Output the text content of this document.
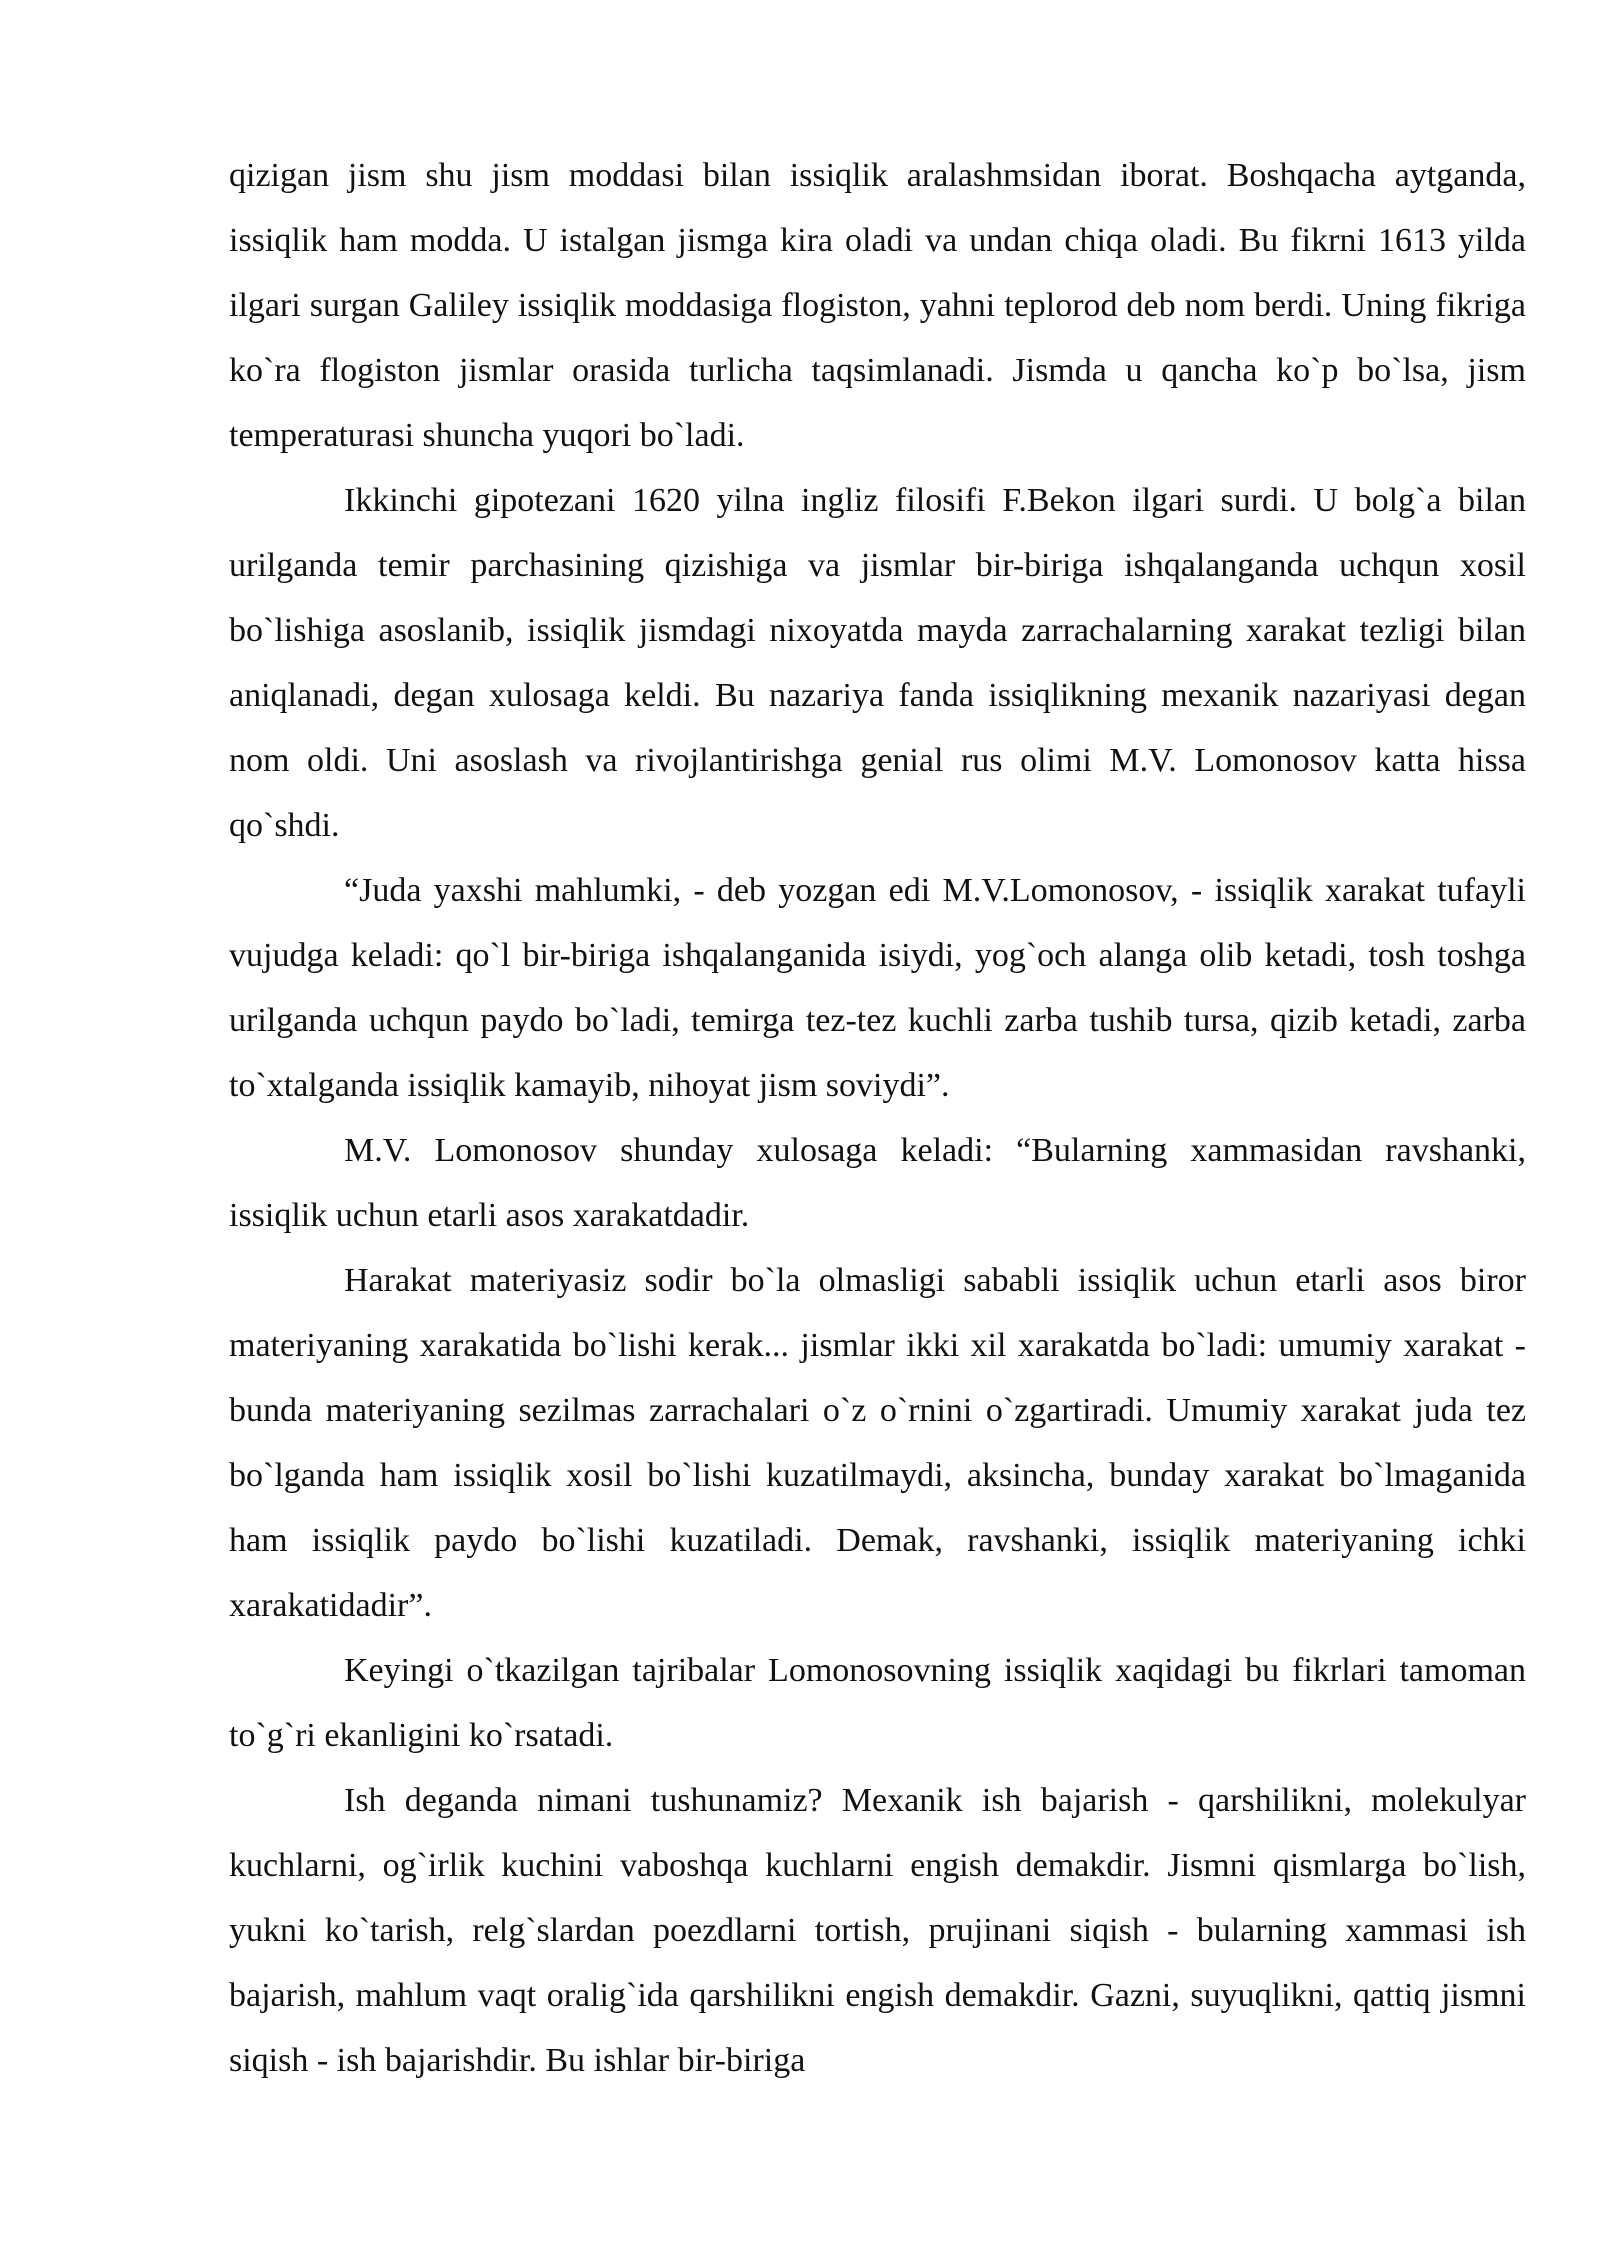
qizigan jism shu jism moddasi bilan issiqlik aralashmsidan iborat. Boshqacha aytganda, issiqlik ham modda. U istalgan jismga kira oladi va undan chiqa oladi. Bu fikrni 1613 yilda ilgari surgan Galiley issiqlik moddasiga flogiston, yahni teplorod deb nom berdi. Uning fikriga ko`ra flogiston jismlar orasida turlicha taqsimlanadi. Jismda u qancha ko`p bo`lsa, jism temperaturasi shuncha yuqori bo`ladi.

Ikkinchi gipotezani 1620 yilna ingliz filosifi F.Bekon ilgari surdi. U bolg`a bilan urilganda temir parchasining qizishiga va jismlar bir-biriga ishqalanganda uchqun xosil bo`lishiga asoslanib, issiqlik jismdagi nixoyatda mayda zarrachalarning xarakat tezligi bilan aniqlanadi, degan xulosaga keldi. Bu nazariya fanda issiqlikning mexanik nazariyasi degan nom oldi. Uni asoslash va rivojlantirishga genial rus olimi M.V. Lomonosov katta hissa qo`shdi.

“Juda yaxshi mahlumki, - deb yozgan edi M.V.Lomonosov, - issiqlik xarakat tufayli vujudga keladi: qo`l bir-biriga ishqalanganida isiydi, yog`och alanga olib ketadi, tosh toshga urilganda uchqun paydo bo`ladi, temirga tez-tez kuchli zarba tushib tursa, qizib ketadi, zarba to`xtalganda issiqlik kamayib, nihoyat jism soviydi”.

M.V. Lomonosov shunday xulosaga keladi: “Bularning xammasidan ravshanki, issiqlik uchun etarli asos xarakatdadir.

Harakat materiyasiz sodir bo`la olmasligi sababli issiqlik uchun etarli asos biror materiyaning xarakatida bo`lishi kerak... jismlar ikki xil xarakatda bo`ladi: umumiy xarakat - bunda materiyaning sezilmas zarrachalari o`z o`rnini o`zgartiradi. Umumiy xarakat juda tez bo`lganda ham issiqlik xosil bo`lishi kuzatilmaydi, aksincha, bunday xarakat bo`lmaganida ham issiqlik paydo bo`lishi kuzatiladi. Demak, ravshanki, issiqlik materiyaning ichki xarakatidadir”.

Keyingi o`tkazilgan tajribalar Lomonosovning issiqlik xaqidagi bu fikrlari tamoman to`g`ri ekanligini ko`rsatadi.

Ish deganda nimani tushunamiz? Mexanik ish bajarish - qarshilikni, molekulyar kuchlarni, og`irlik kuchini vaboshqa kuchlarni engish demakdir. Jismni qismlarga bo`lish, yukni ko`tarish, relg`slardan poezdlarni tortish, prujinani siqish - bularning xammasi ish bajarish, mahlum vaqt oralig`ida qarshilikni engish demakdir. Gazni, suyuqlikni, qattiq jismni siqish - ish bajarishdir. Bu ishlar bir-biriga
